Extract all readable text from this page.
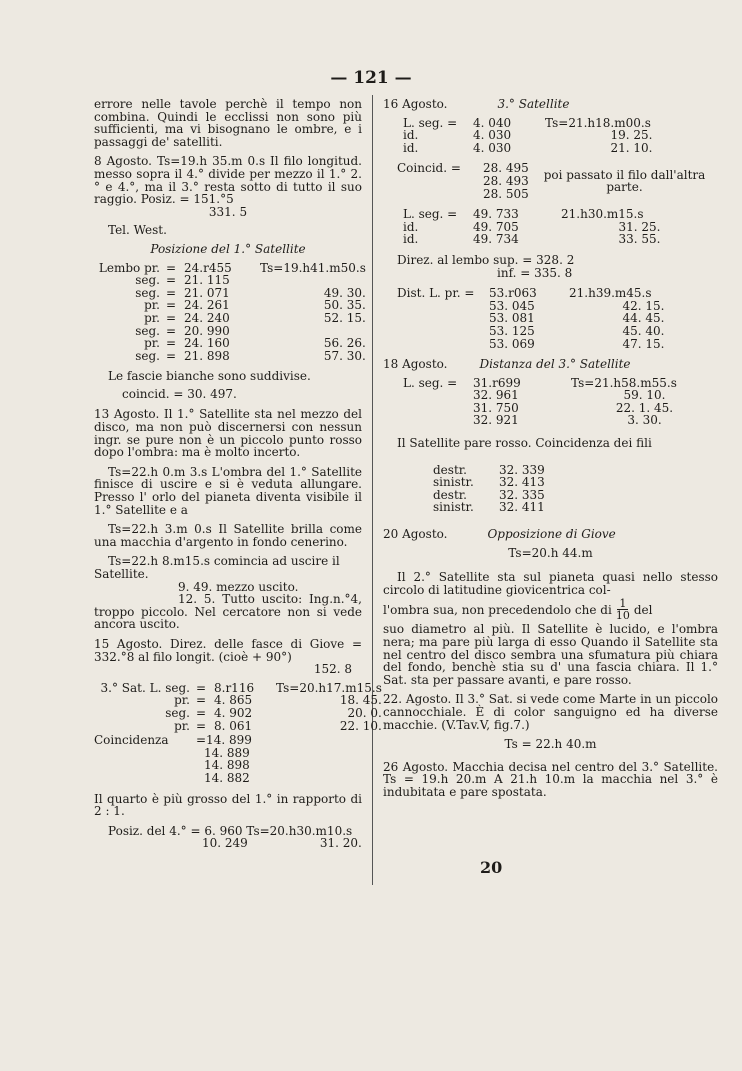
— 121 —

errore nelle tavole perchè il tempo non combina. Quindi le ecclissi non sono più sufficienti, ma vi bisognano le ombre, e i passaggi de' satelliti.

8 Agosto. Ts=19.h 35.m 0.s Il filo longitud. messo sopra il 4.° divide per mezzo il 1.° 2.° e 4.°, ma il 3.° resta sotto di tutto il suo raggio. Posiz. = 151.°5

331. 5
Tel. West.
Posizione del 1.° Satellite
Lembo pr. = 24.r455	Ts=19.h41.m50.s
seg. = 21. 115
seg. = 21. 071	49. 30.
pr. = 24. 261	50. 35.
pr. = 24. 240	52. 15.
seg. = 20. 990
pr. = 24. 160	56. 26.
seg. = 21. 898	57. 30.
Le fascie bianche sono suddivise.
coincid. = 30. 497.

13 Agosto. Il 1.° Satellite sta nel mezzo del disco, ma non può discernersi con nessun ingr. se pure non è un piccolo punto rosso dopo l'ombra: ma è molto incerto.

Ts=22.h 0.m 3.s L'ombra del 1.° Satellite finisce di uscire e si è veduta allungare. Presso l' orlo del pianeta diventa visibile il 1.° Satellite e a

Ts=22.h 3.m 0.s Il Satellite brilla come una macchia d'argento in fondo cenerino.

Ts=22.h 8.m15.s comincia ad uscire il Satellite.
9. 49. mezzo uscito.

12. 5. Tutto uscito: Ing.n.°4, troppo piccolo. Nel cercatore non si vede ancora uscito.

15 Agosto. Direz. delle fasce di Giove = 332.°8 al filo longit. (cioè + 90°)

152. 8
3.° Sat. L. seg. = 8.r116	Ts=20.h17.m15.s
pr. = 4. 865	18. 45.
seg. = 4. 902	20. 0.
pr. = 8. 061	22. 10.
Coincidenza	=14. 899
14. 889
14. 898
14. 882

Il quarto è più grosso del 1.° in rapporto di 2 : 1.

Posiz. del 4.° = 6. 960 Ts=20.h30.m10.s
10. 249	31. 20.
16 Agosto.	3.° Satellite
L. seg. =	4. 040	Ts=21.h18.m00.s
id.	4. 030	19. 25.
id.	4. 030	21. 10.
Coincid. =	28. 495
28. 493
28. 505
poi passato il filo dall'altra parte.
L. seg. =	49. 733	21.h30.m15.s
id.	49. 705	31. 25.
id.	49. 734	33. 55.
Direz. al lembo sup. = 328. 2
inf. = 335. 8
Dist. L. pr. =	53.r063	21.h39.m45.s
53. 045	42. 15.
53. 081	44. 45.
53. 125	45. 40.
53. 069	47. 15.
18 Agosto.	Distanza del 3.° Satellite
L. seg. =	31.r699	Ts=21.h58.m55.s
32. 961	59. 10.
31. 750	22. 1. 45.
32. 921	3. 30.
Il Satellite pare rosso. Coincidenza dei fili
destr.	32. 339
sinistr.	32. 413
destr.	32. 335
sinistr.	32. 411
20 Agosto.	Opposizione di Giove
Ts=20.h 44.m

Il 2.° Satellite sta sul pianeta quasi nello stesso circolo di latitudine giovicentrica col-

l'ombra sua, non precedendolo che di $\frac{1}{10}$ del

suo diametro al più. Il Satellite è lucido, e l'ombra nera; ma pare più larga di esso Quando il Satellite sta nel centro del disco sembra una sfumatura più chiara del fondo, benchè stia su d' una fascia chiara. Il 1.° Sat. sta per passare avanti, e pare rosso.

22. Agosto. Il 3.° Sat. si vede come Marte in un piccolo cannocchiale. È di color sanguigno ed ha diverse macchie. (V.Tav.V, fig.7.)

Ts = 22.h 40.m

26 Agosto. Macchia decisa nel centro del 3.° Satellite. Ts = 19.h 20.m A 21.h 10.m la macchia nel 3.° è indubitata e pare spostata.

20
